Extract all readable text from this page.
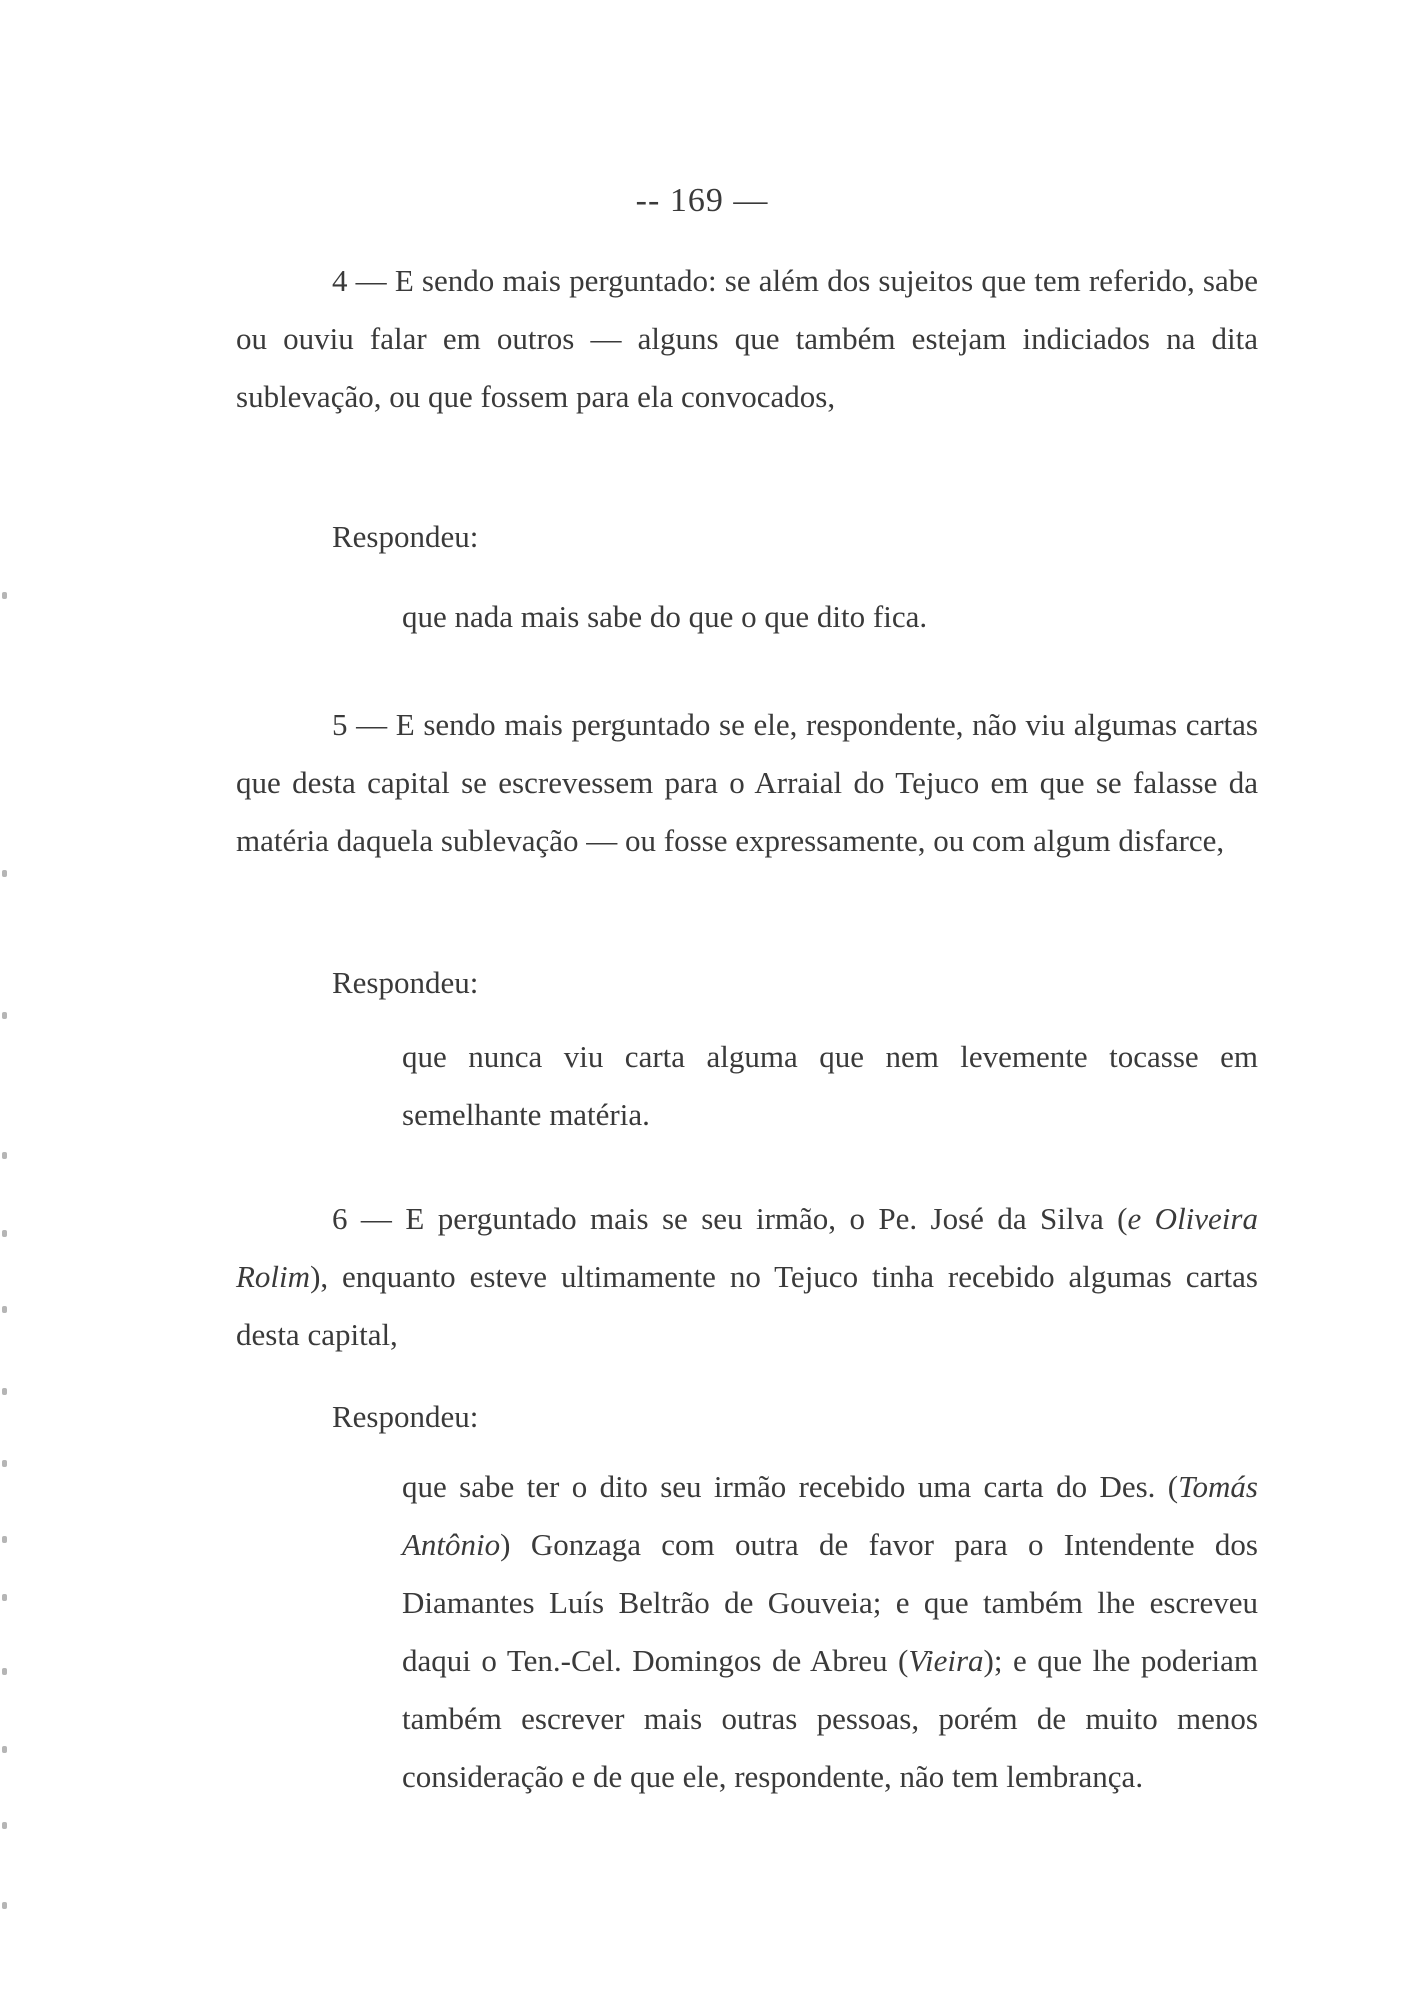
-- 169 —

4 — E sendo mais perguntado: se além dos sujeitos que tem referido, sabe ou ouviu falar em outros — alguns que também estejam indiciados na dita sublevação, ou que fossem para ela convocados,

Respondeu:

que nada mais sabe do que o que dito fica.

5 — E sendo mais perguntado se ele, respondente, não viu algumas cartas que desta capital se escrevessem para o Arraial do Tejuco em que se falasse da matéria daquela sublevação — ou fosse expressamente, ou com algum disfarce,

Respondeu:

que nunca viu carta alguma que nem levemente tocasse em semelhante matéria.

6 — E perguntado mais se seu irmão, o Pe. José da Silva (e Oliveira Rolim), enquanto esteve ultimamente no Tejuco tinha recebido algumas cartas desta capital,

Respondeu:

que sabe ter o dito seu irmão recebido uma carta do Des. (Tomás Antônio) Gonzaga com outra de favor para o Intendente dos Diamantes Luís Beltrão de Gouveia; e que também lhe escreveu daqui o Ten.-Cel. Domingos de Abreu (Vieira); e que lhe poderiam também escrever mais outras pessoas, porém de muito menos consideração e de que ele, respondente, não tem lembrança.
